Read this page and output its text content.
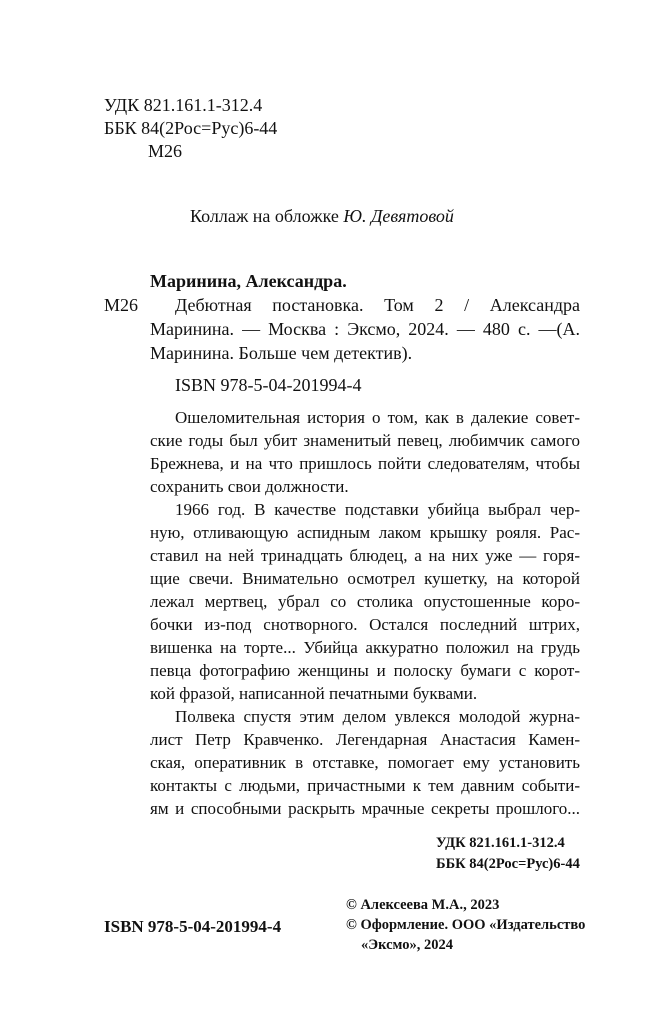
УДК 821.161.1-312.4
ББК 84(2Рос=Рус)6-44
М26
Коллаж на обложке Ю. Девятовой
Маринина, Александра.
М26 Дебютная постановка. Том 2 / Александра
Маринина. — Москва : Эксмо, 2024. — 480 с. —(А.
Маринина. Больше чем детектив).
ISBN 978-5-04-201994-4
Ошеломительная история о том, как в далекие совет-
ские годы был убит знаменитый певец, любимчик самого
Брежнева, и на что пришлось пойти следователям, чтобы
сохранить свои должности.
1966 год. В качестве подставки убийца выбрал чер-
ную, отливающую аспидным лаком крышку рояля. Рас-
ставил на ней тринадцать блюдец, а на них уже — горя-
щие свечи. Внимательно осмотрел кушетку, на которой
лежал мертвец, убрал со столика опустошенные коро-
бочки из-под снотворного. Остался последний штрих,
вишенка на торте... Убийца аккуратно положил на грудь
певца фотографию женщины и полоску бумаги с корот-
кой фразой, написанной печатными буквами.
Полвека спустя этим делом увлекся молодой журна-
лист Петр Кравченко. Легендарная Анастасия Камен-
ская, оперативник в отставке, помогает ему установить
контакты с людьми, причастными к тем давним событи-
ям и способными раскрыть мрачные секреты прошлого...
УДК 821.161.1-312.4
ББК 84(2Рос=Рус)6-44
© Алексеева М.А., 2023
© Оформление. ООО «Издательство
«Эксмо», 2024
ISBN 978-5-04-201994-4
